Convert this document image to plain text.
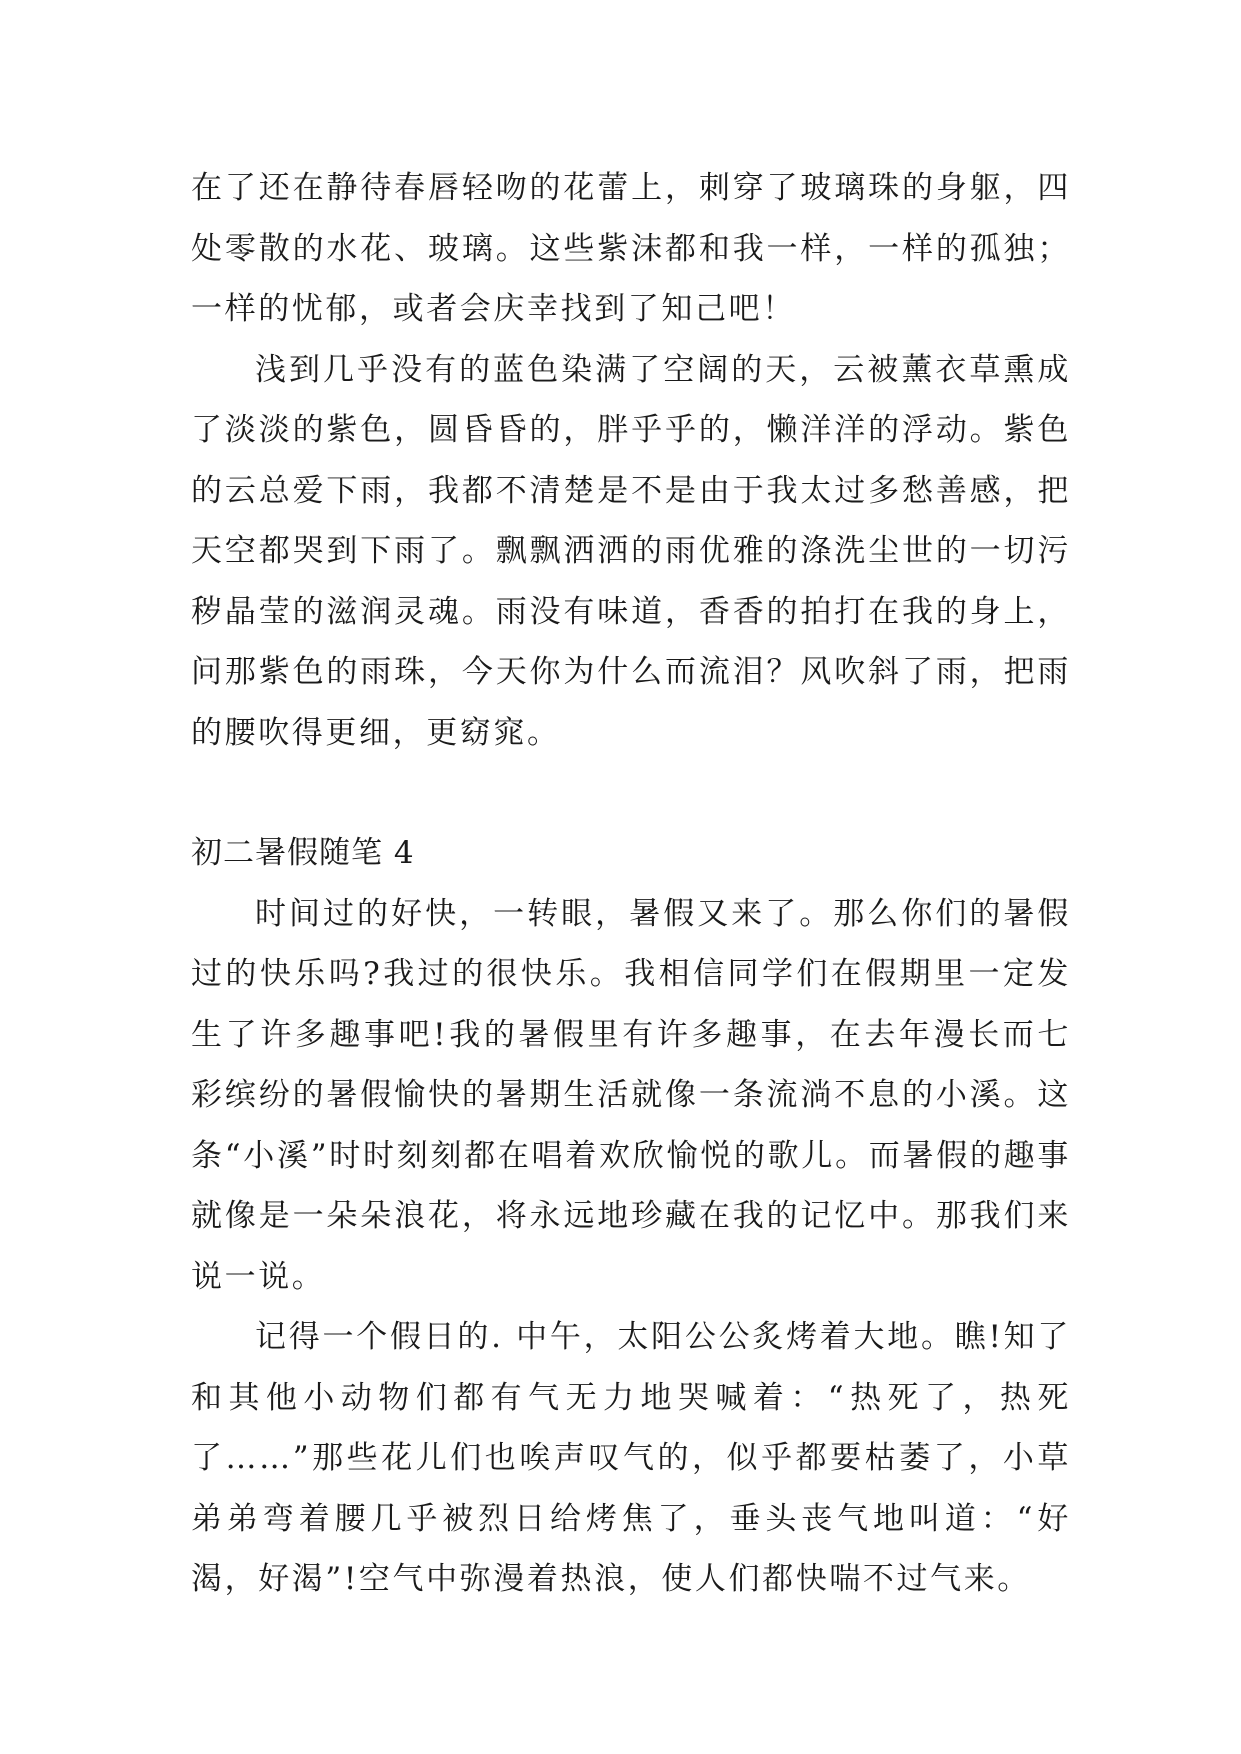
在了还在静待春唇轻吻的花蕾上，刺穿了玻璃珠的身躯，四处零散的水花、玻璃。这些紫沫都和我一样，一样的孤独；一样的忧郁，或者会庆幸找到了知己吧！

浅到几乎没有的蓝色染满了空阔的天，云被薰衣草熏成了淡淡的紫色，圆昏昏的，胖乎乎的，懒洋洋的浮动。紫色的云总爱下雨，我都不清楚是不是由于我太过多愁善感，把天空都哭到下雨了。飘飘洒洒的雨优雅的涤洗尘世的一切污秽晶莹的滋润灵魂。雨没有味道，香香的拍打在我的身上，问那紫色的雨珠，今天你为什么而流泪？风吹斜了雨，把雨的腰吹得更细，更窈窕。

初二暑假随笔 4

时间过的好快，一转眼，暑假又来了。那么你们的暑假过的快乐吗?我过的很快乐。我相信同学们在假期里一定发生了许多趣事吧!我的暑假里有许多趣事，在去年漫长而七彩缤纷的暑假愉快的暑期生活就像一条流淌不息的小溪。这条“小溪”时时刻刻都在唱着欢欣愉悦的歌儿。而暑假的趣事就像是一朵朵浪花，将永远地珍藏在我的记忆中。那我们来说一说。

记得一个假日的. 中午，太阳公公炙烤着大地。瞧!知了和其他小动物们都有气无力地哭喊着：“热死了，热死了……”那些花儿们也唉声叹气的，似乎都要枯萎了，小草弟弟弯着腰几乎被烈日给烤焦了，垂头丧气地叫道：“好渴，好渴”!空气中弥漫着热浪，使人们都快喘不过气来。
